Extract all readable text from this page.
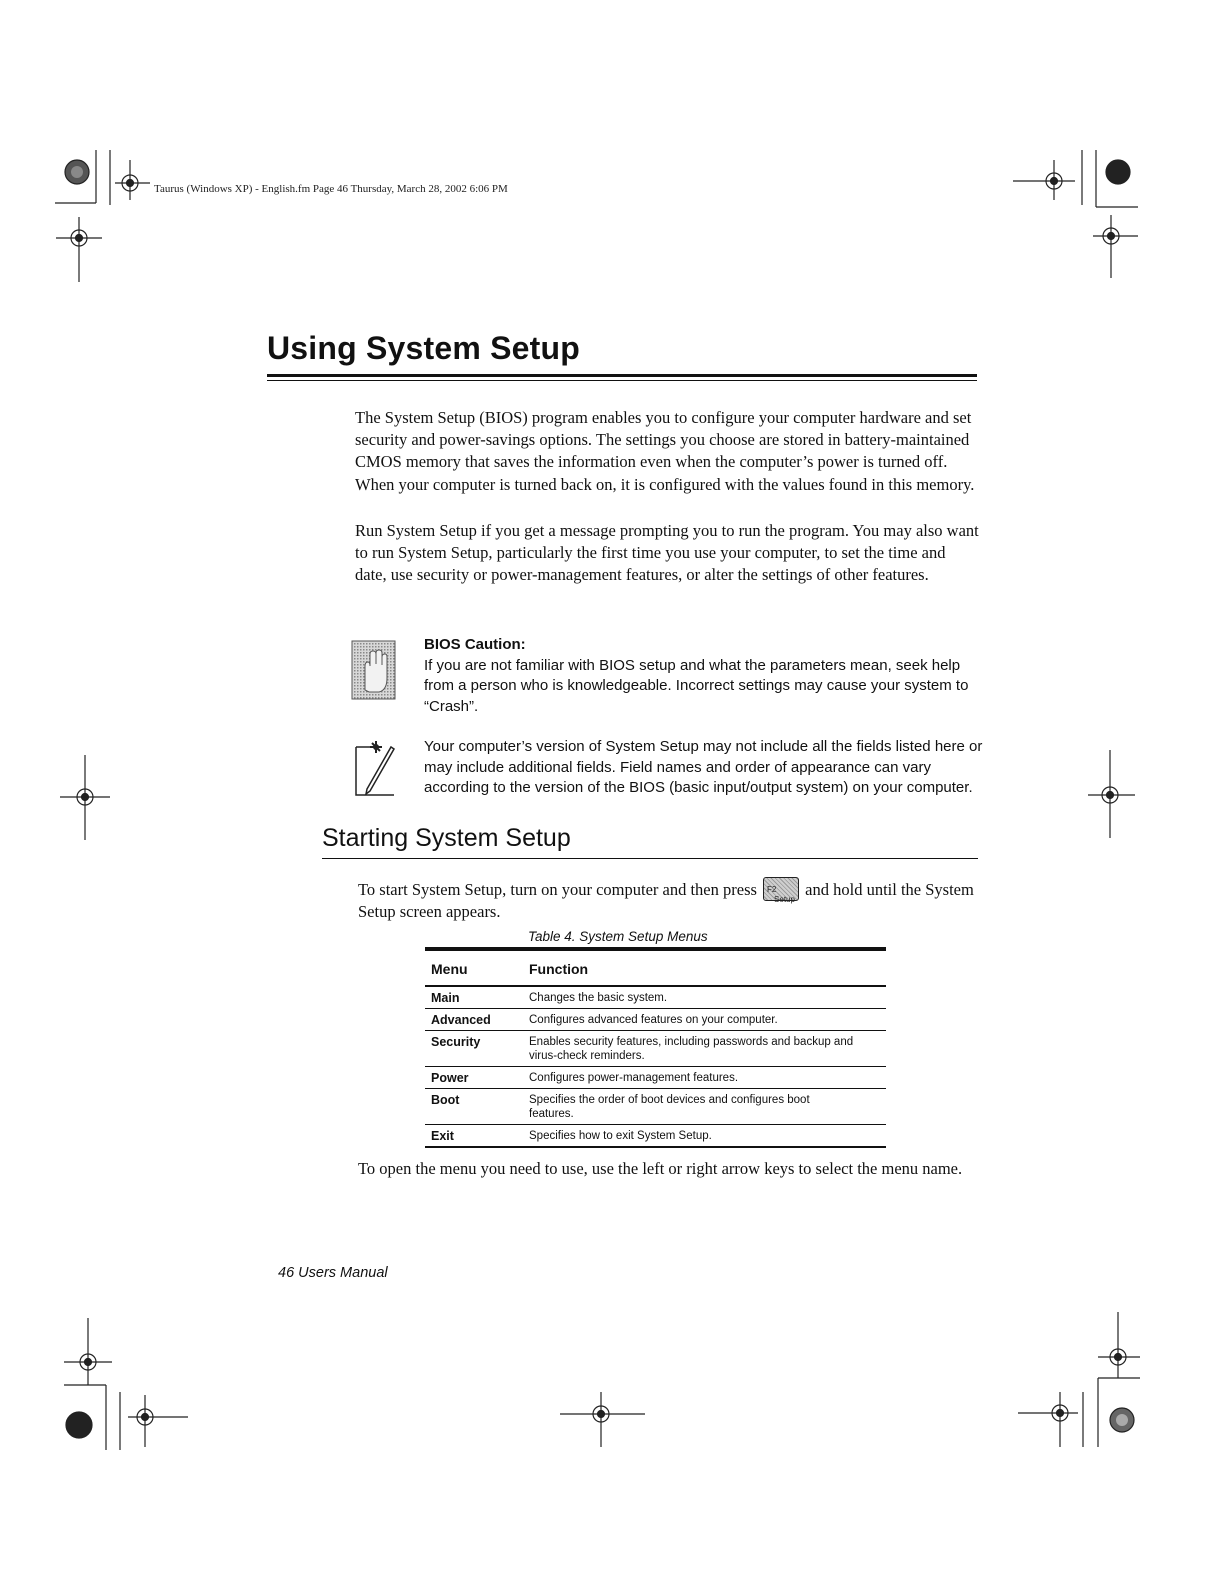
Taurus (Windows XP) - English.fm Page 46 Thursday, March 28, 2002 6:06 PM
Using System Setup

The System Setup (BIOS) program enables you to configure your computer hardware and set security and power-savings options. The settings you choose are stored in battery-maintained CMOS memory that saves the information even when the computer’s power is turned off. When your computer is turned back on, it is configured with the values found in this memory.

Run System Setup if you get a message prompting you to run the program. You may also want to run System Setup, particularly the first time you use your computer, to set the time and date, use security or power-management features, or alter the settings of other features.

BIOS Caution:
If you are not familiar with BIOS setup and what the parameters mean, seek help from a person who is knowledgeable. Incorrect settings may cause your system to “Crash”.

Your computer’s version of System Setup may not include all the fields listed here or may include additional fields. Field names and order of appearance can vary according to the version of the BIOS (basic input/output system) on your computer.

Starting System Setup

To start System Setup, turn on your computer and then press F2
Setup
and hold until the System Setup screen appears.

Table 4. System Setup Menus
Menu	Function
Main	Changes the basic system.
Advanced	Configures advanced features on your computer.
Security	Enables security features, including passwords and backup and virus-check reminders.
Power	Configures power-management features.
Boot	Specifies the order of boot devices and configures boot features.
Exit	Specifies how to exit System Setup.

To open the menu you need to use, use the left or right arrow keys to select the menu name.

46 Users Manual
